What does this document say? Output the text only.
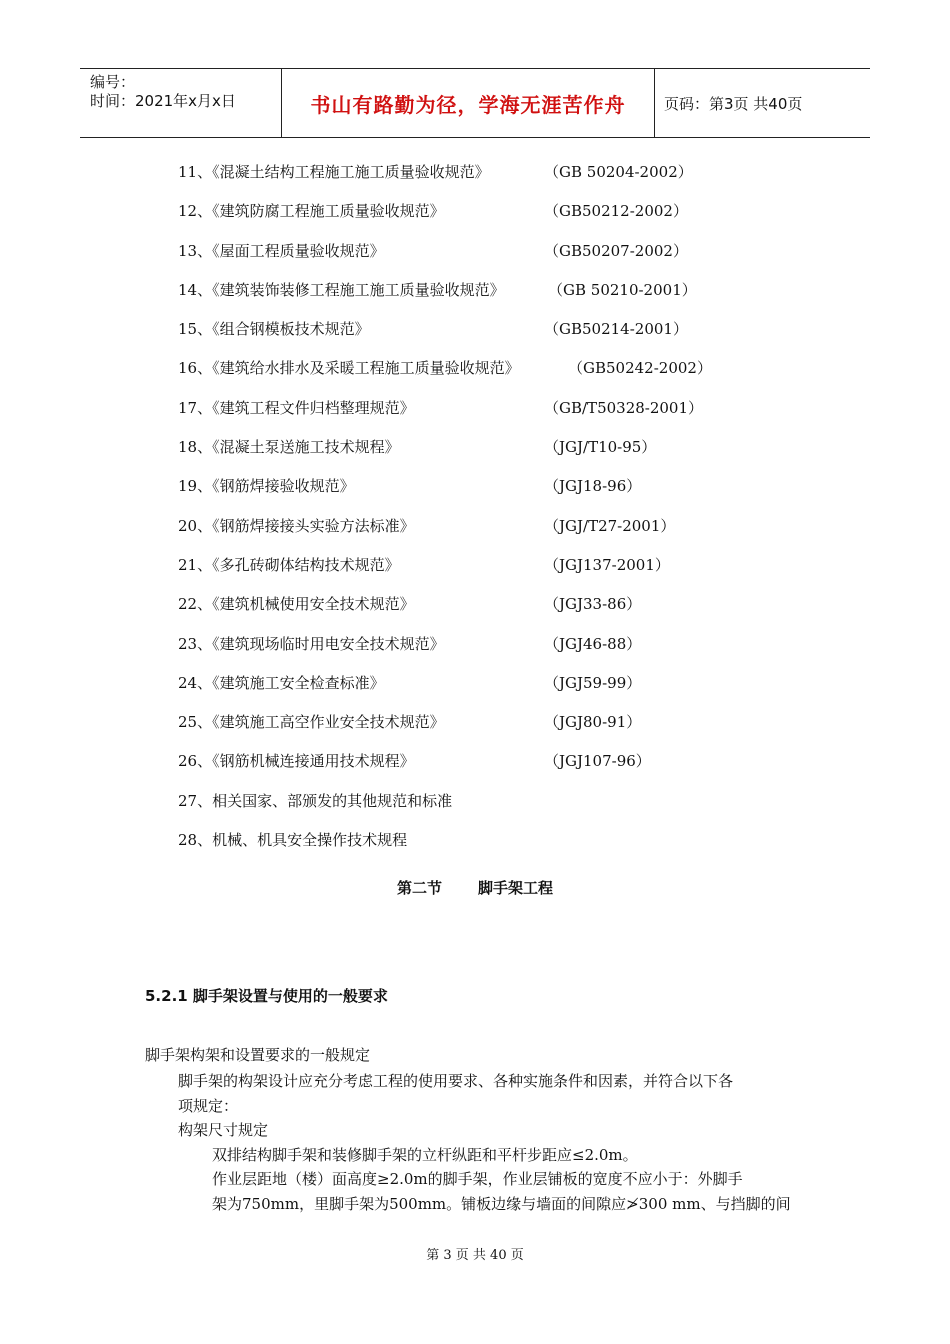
编号：
时间：2021年x月x日	书山有路勤为径，学海无涯苦作舟	页码：第3页 共40页
11、《混凝土结构工程施工施工质量验收规范》	（GB 50204-2002）
12、《建筑防腐工程施工质量验收规范》	（GB50212-2002）
13、《屋面工程质量验收规范》	（GB50207-2002）
14、《建筑装饰装修工程施工施工质量验收规范》	（GB 50210-2001）
15、《组合钢模板技术规范》	（GB50214-2001）
16、《建筑给水排水及采暖工程施工质量验收规范》	（GB50242-2002）
17、《建筑工程文件归档整理规范》	（GB/T50328-2001）
18、《混凝土泵送施工技术规程》	（JGJ/T10-95）
19、《钢筋焊接验收规范》	（JGJ18-96）
20、《钢筋焊接接头实验方法标准》	（JGJ/T27-2001）
21、《多孔砖砌体结构技术规范》	（JGJ137-2001）
22、《建筑机械使用安全技术规范》	（JGJ33-86）
23、《建筑现场临时用电安全技术规范》	（JGJ46-88）
24、《建筑施工安全检查标准》	（JGJ59-99）
25、《建筑施工高空作业安全技术规范》	（JGJ80-91）
26、《钢筋机械连接通用技术规程》	（JGJ107-96）
27、相关国家、部颁发的其他规范和标准
28、机械、机具安全操作技术规程
第二节 脚手架工程
5.2.1 脚手架设置与使用的一般要求
脚手架构架和设置要求的一般规定
脚手架的构架设计应充分考虑工程的使用要求、各种实施条件和因素，并符合以下各
项规定：
构架尺寸规定
双排结构脚手架和装修脚手架的立杆纵距和平杆步距应≤2.0m。
作业层距地（楼）面高度≥2.0m的脚手架，作业层铺板的宽度不应小于：外脚手
架为750mm，里脚手架为500mm。铺板边缘与墙面的间隙应≯300 mm、与挡脚的间
第 3 页 共 40 页
